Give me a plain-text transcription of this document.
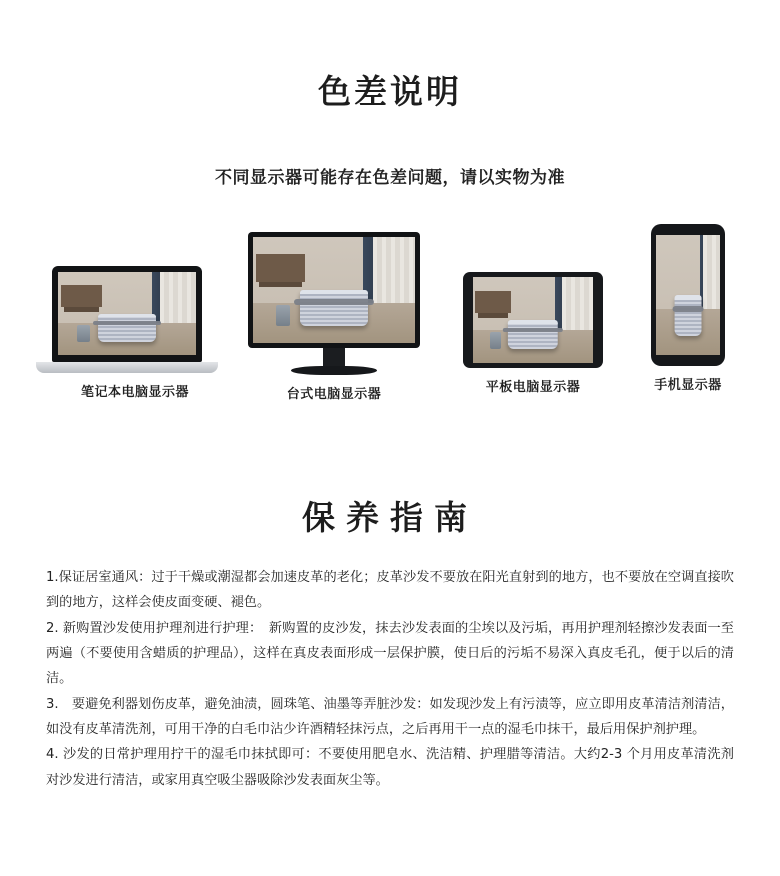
色差说明
不同显示器可能存在色差问题，请以实物为准
笔记本电脑显示器	台式电脑显示器	平板电脑显示器	手机显示器
保养指南

1.保证居室通风：过于干燥或潮湿都会加速皮革的老化；皮革沙发不要放在阳光直射到的地方，也不要放在空调直接吹到的地方，这样会使皮面变硬、褪色。

2. 新购置沙发使用护理剂进行护理：　新购置的皮沙发，抹去沙发表面的尘埃以及污垢，再用护理剂轻擦沙发表面一至两遍（不要使用含蜡质的护理品），这样在真皮表面形成一层保护膜，使日后的污垢不易深入真皮毛孔，便于以后的清洁。

3.　要避免利器划伤皮革，避免油渍，圆珠笔、油墨等弄脏沙发：如发现沙发上有污渍等，应立即用皮革清洁剂清洁，如没有皮革清洗剂，可用干净的白毛巾沾少许酒精轻抹污点，之后再用干一点的湿毛巾抹干，最后用保护剂护理。

4. 沙发的日常护理用拧干的湿毛巾抹拭即可：不要使用肥皂水、洗洁精、护理腊等清洁。大约2-3 个月用皮革清洗剂对沙发进行清洁，或家用真空吸尘器吸除沙发表面灰尘等。
